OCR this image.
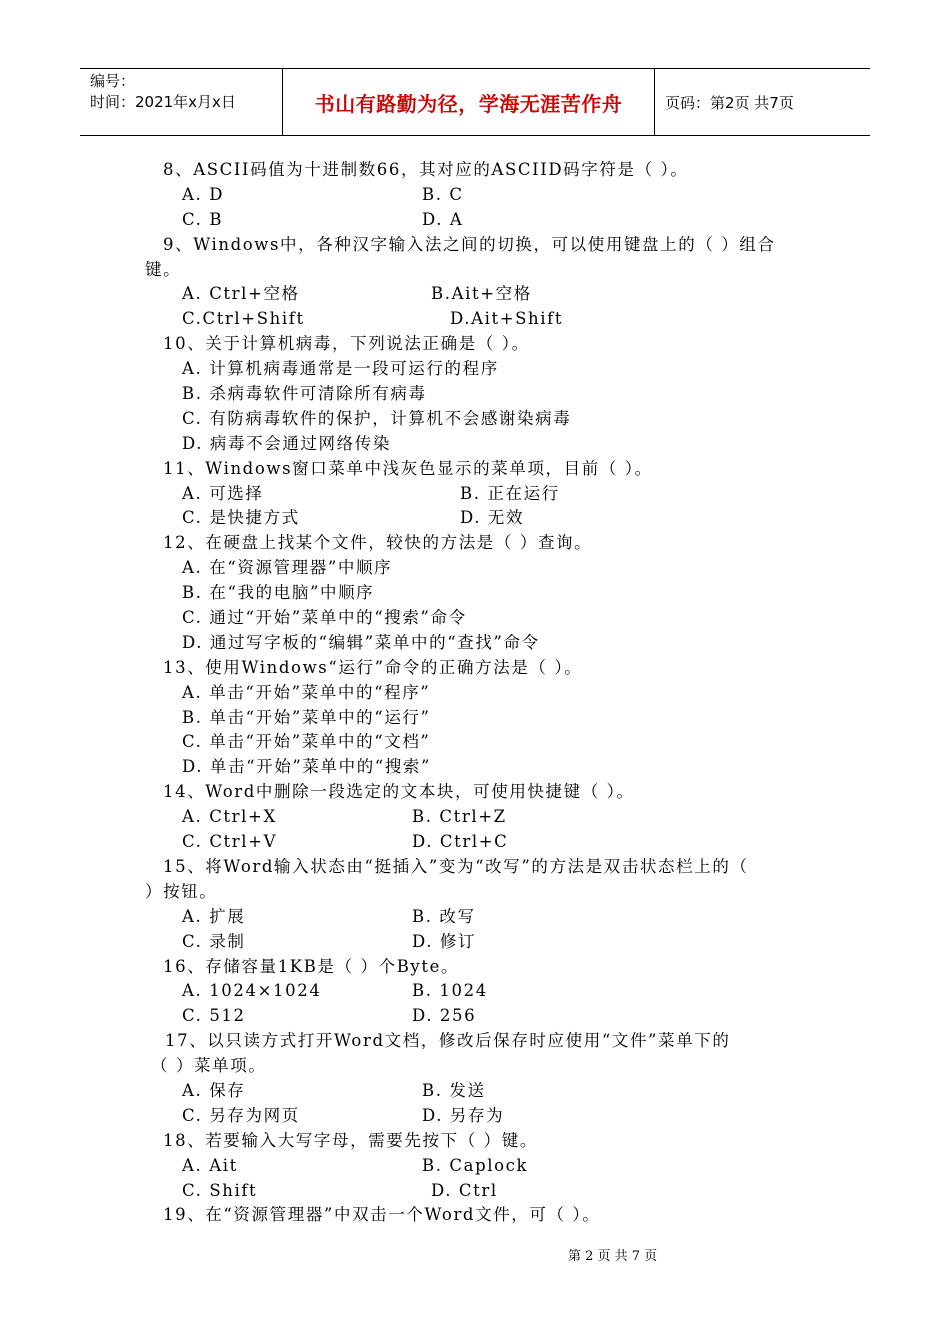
编号：
时间：2021年x月x日	书山有路勤为径，学海无涯苦作舟	页码：第2页 共7页
8、ASCII码值为十进制数66，其对应的ASCIID码字符是（ ）。
A. D	B. C
C. B	D. A
9、Windows中，各种汉字输入法之间的切换，可以使用键盘上的（ ）组合
键。
A. Ctrl+空格	B.Ait+空格
C.Ctrl+Shift	D.Ait+Shift
10、关于计算机病毒，下列说法正确是（ ）。
A. 计算机病毒通常是一段可运行的程序
B. 杀病毒软件可清除所有病毒
C. 有防病毒软件的保护，计算机不会感谢染病毒
D. 病毒不会通过网络传染
11、Windows窗口菜单中浅灰色显示的菜单项，目前（ ）。
A. 可选择	B. 正在运行
C. 是快捷方式	D. 无效
12、在硬盘上找某个文件，较快的方法是（ ）查询。
A. 在“资源管理器”中顺序
B. 在“我的电脑”中顺序
C. 通过“开始”菜单中的“搜索”命令
D. 通过写字板的“编辑”菜单中的“查找”命令
13、使用Windows“运行”命令的正确方法是（ ）。
A. 单击“开始”菜单中的“程序”
B. 单击“开始”菜单中的“运行”
C. 单击“开始”菜单中的“文档”
D. 单击“开始”菜单中的“搜索”
14、Word中删除一段选定的文本块，可使用快捷键（ ）。
A. Ctrl+X	B. Ctrl+Z
C. Ctrl+V	D. Ctrl+C
15、将Word输入状态由“挺插入”变为“改写”的方法是双击状态栏上的（
）按钮。
A. 扩展	B. 改写
C. 录制	D. 修订
16、存储容量1KB是（ ）个Byte。
A. 1024×1024	B. 1024
C. 512	D. 256
17、以只读方式打开Word文档，修改后保存时应使用“文件”菜单下的
（ ）菜单项。
A. 保存	B. 发送
C. 另存为网页	D. 另存为
18、若要输入大写字母，需要先按下（ ）键。
A. Ait	B. Caplock
C. Shift	D. Ctrl
19、在“资源管理器”中双击一个Word文件，可（ ）。
第 2 页 共 7 页
